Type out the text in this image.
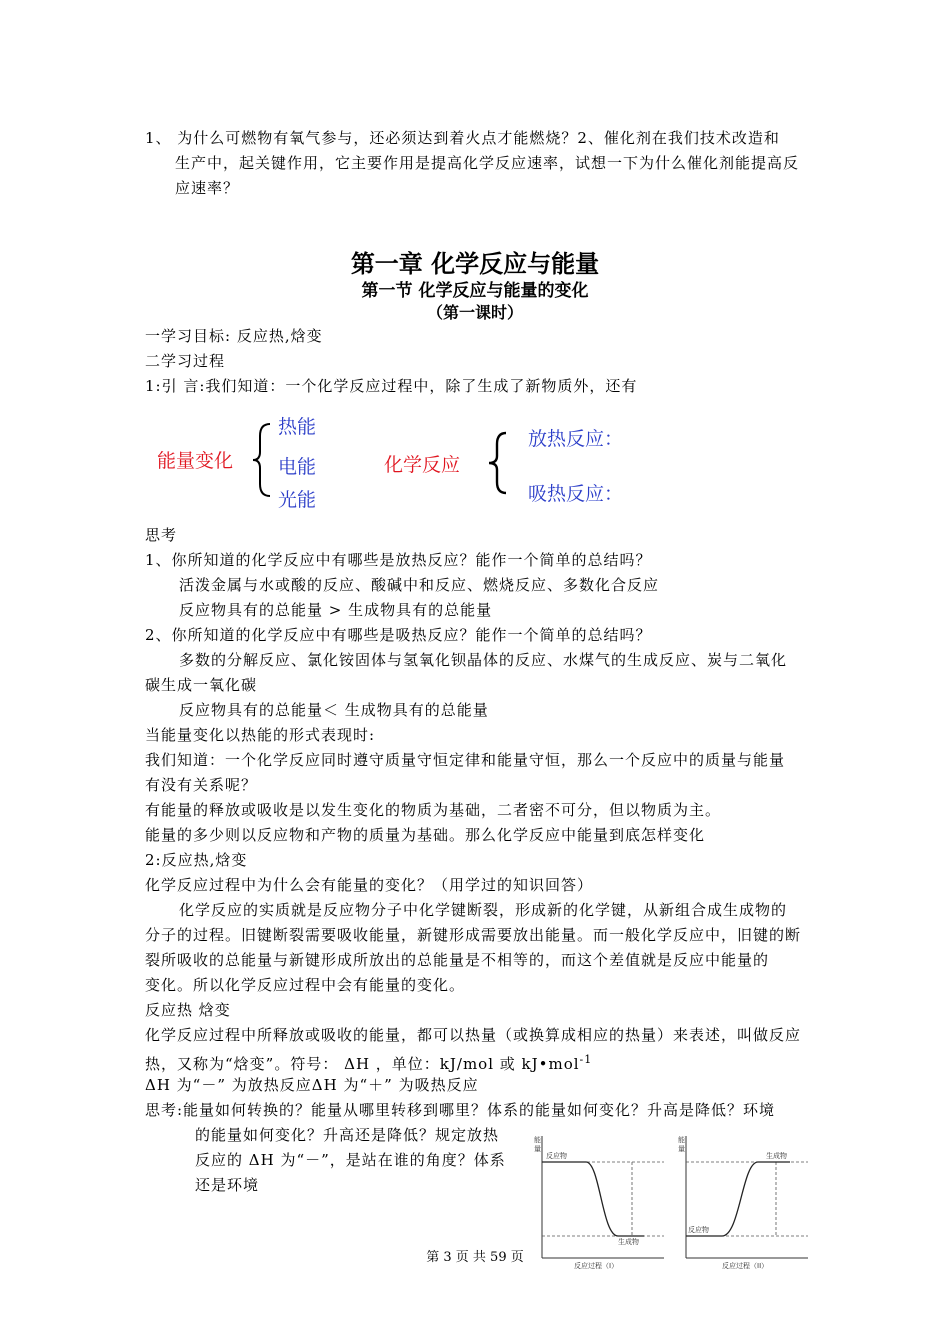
1、 为什么可燃物有氧气参与，还必须达到着火点才能燃烧？2、催化剂在我们技术改造和
生产中，起关键作用，它主要作用是提高化学反应速率，试想一下为什么催化剂能提高反
应速率？
第一章 化学反应与能量
第一节 化学反应与能量的变化
（第一课时）
一学习目标: 反应热,焓变
二学习过程
1:引 言:我们知道：一个化学反应过程中，除了生成了新物质外，还有
能量变化
热能
电能
光能
化学反应
放热反应：
吸热反应：
思考
1、你所知道的化学反应中有哪些是放热反应？能作一个简单的总结吗？
活泼金属与水或酸的反应、酸碱中和反应、燃烧反应、多数化合反应
反应物具有的总能量 > 生成物具有的总能量
2、你所知道的化学反应中有哪些是吸热反应？能作一个简单的总结吗？
多数的分解反应、氯化铵固体与氢氧化钡晶体的反应、水煤气的生成反应、炭与二氧化
碳生成一氧化碳
反应物具有的总能量＜ 生成物具有的总能量
当能量变化以热能的形式表现时:
我们知道：一个化学反应同时遵守质量守恒定律和能量守恒，那么一个反应中的质量与能量
有没有关系呢？
有能量的释放或吸收是以发生变化的物质为基础，二者密不可分，但以物质为主。
能量的多少则以反应物和产物的质量为基础。那么化学反应中能量到底怎样变化
2:反应热,焓变
化学反应过程中为什么会有能量的变化？（用学过的知识回答）
化学反应的实质就是反应物分子中化学键断裂，形成新的化学键，从新组合成生成物的
分子的过程。旧键断裂需要吸收能量，新键形成需要放出能量。而一般化学反应中，旧键的断
裂所吸收的总能量与新键形成所放出的总能量是不相等的，而这个差值就是反应中能量的
变化。所以化学反应过程中会有能量的变化。
反应热 焓变
化学反应过程中所释放或吸收的能量，都可以热量（或换算成相应的热量）来表述，叫做反应
热，又称为“焓变”。符号： ΔH ，单位：kJ/mol 或 kJ•mol$^{-1}$
ΔH 为“－” 为放热反应ΔH 为“＋” 为吸热反应
思考:能量如何转换的？能量从哪里转移到哪里？体系的能量如何变化？升高是降低？环境
的能量如何变化？升高还是降低？规定放热
反应的 ΔH 为“－”，是站在谁的角度？体系
还是环境
能
量
反应物
生成物
反应过程（I）
能
量
反应物
生成物
反应过程（II）
第 3 页 共 59 页
